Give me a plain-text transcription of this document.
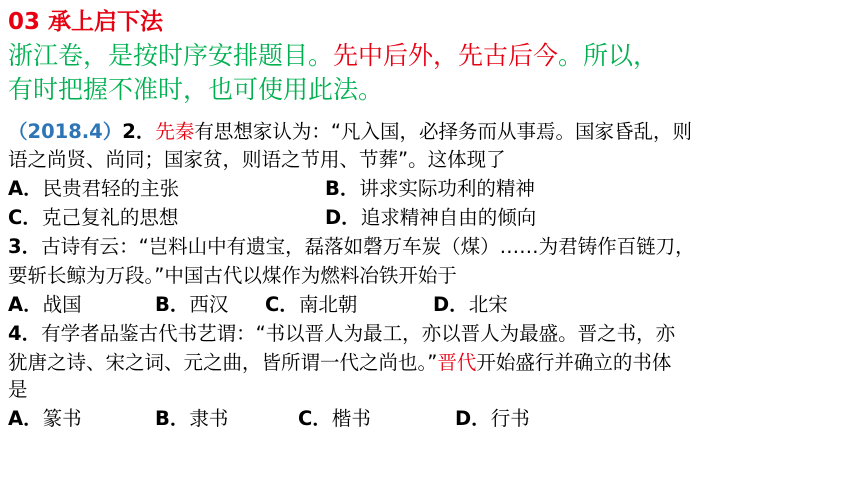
03 承上启下法
浙江卷，是按时序安排题目。先中后外，先古后今。所以，
有时把握不准时，也可使用此法。
（2018.4）2．先秦有思想家认为：“凡入国，必择务而从事焉。国家昏乱，则
语之尚贤、尚同；国家贫，则语之节用、节葬”。这体现了
A．民贵君轻的主张	B．讲求实际功利的精神
C．克己复礼的思想	D．追求精神自由的倾向
3．古诗有云：“岂料山中有遗宝，磊落如磬万车炭（煤）……为君铸作百链刀，
要斩长鲸为万段。”中国古代以煤作为燃料冶铁开始于
A．战国	B．西汉 C．南北朝	D．北宋
4．有学者品鉴古代书艺谓：“书以晋人为最工，亦以晋人为最盛。晋之书，亦
犹唐之诗、宋之词、元之曲，皆所谓一代之尚也。”晋代开始盛行并确立的书体
是
A．篆书	B．隶书	C．楷书	D．行书
